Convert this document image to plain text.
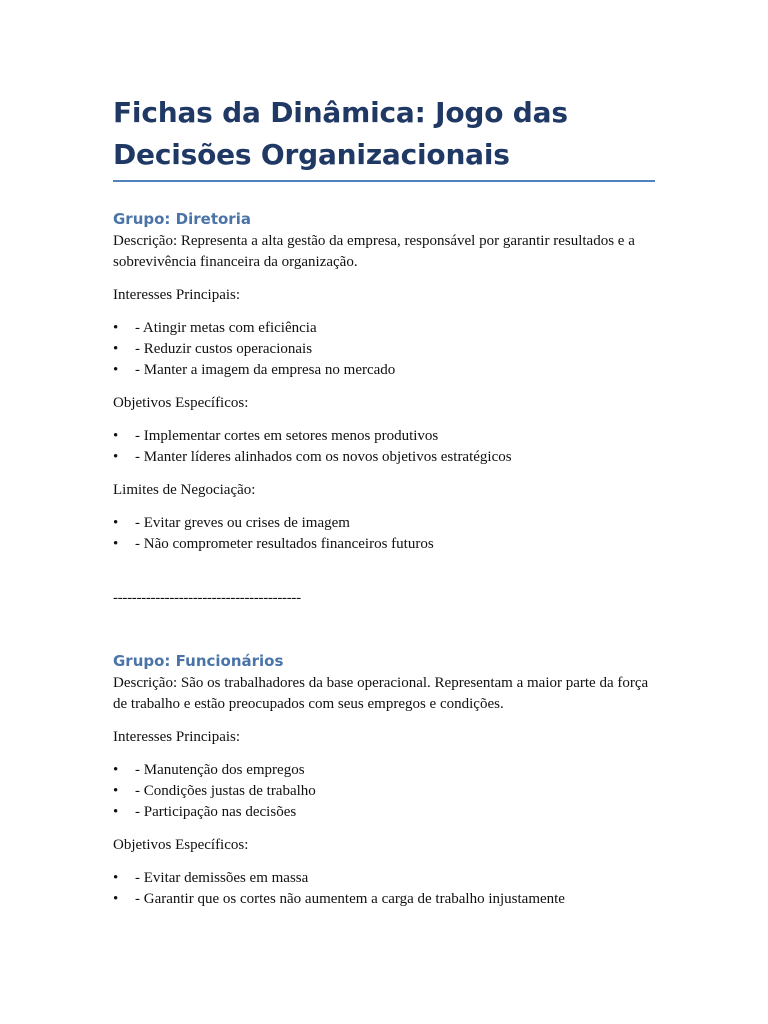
Fichas da Dinâmica: Jogo das Decisões Organizacionais
Grupo: Diretoria

Descrição: Representa a alta gestão da empresa, responsável por garantir resultados e a sobrevivência financeira da organização.

Interesses Principais:

• - Atingir metas com eficiência
• - Reduzir custos operacionais
• - Manter a imagem da empresa no mercado

Objetivos Específicos:

• - Implementar cortes em setores menos produtivos
• - Manter líderes alinhados com os novos objetivos estratégicos

Limites de Negociação:

• - Evitar greves ou crises de imagem
• - Não comprometer resultados financeiros futuros

----------------------------------------

Grupo: Funcionários

Descrição: São os trabalhadores da base operacional. Representam a maior parte da força de trabalho e estão preocupados com seus empregos e condições.

Interesses Principais:

• - Manutenção dos empregos
• - Condições justas de trabalho
• - Participação nas decisões

Objetivos Específicos:

• - Evitar demissões em massa
• - Garantir que os cortes não aumentem a carga de trabalho injustamente
